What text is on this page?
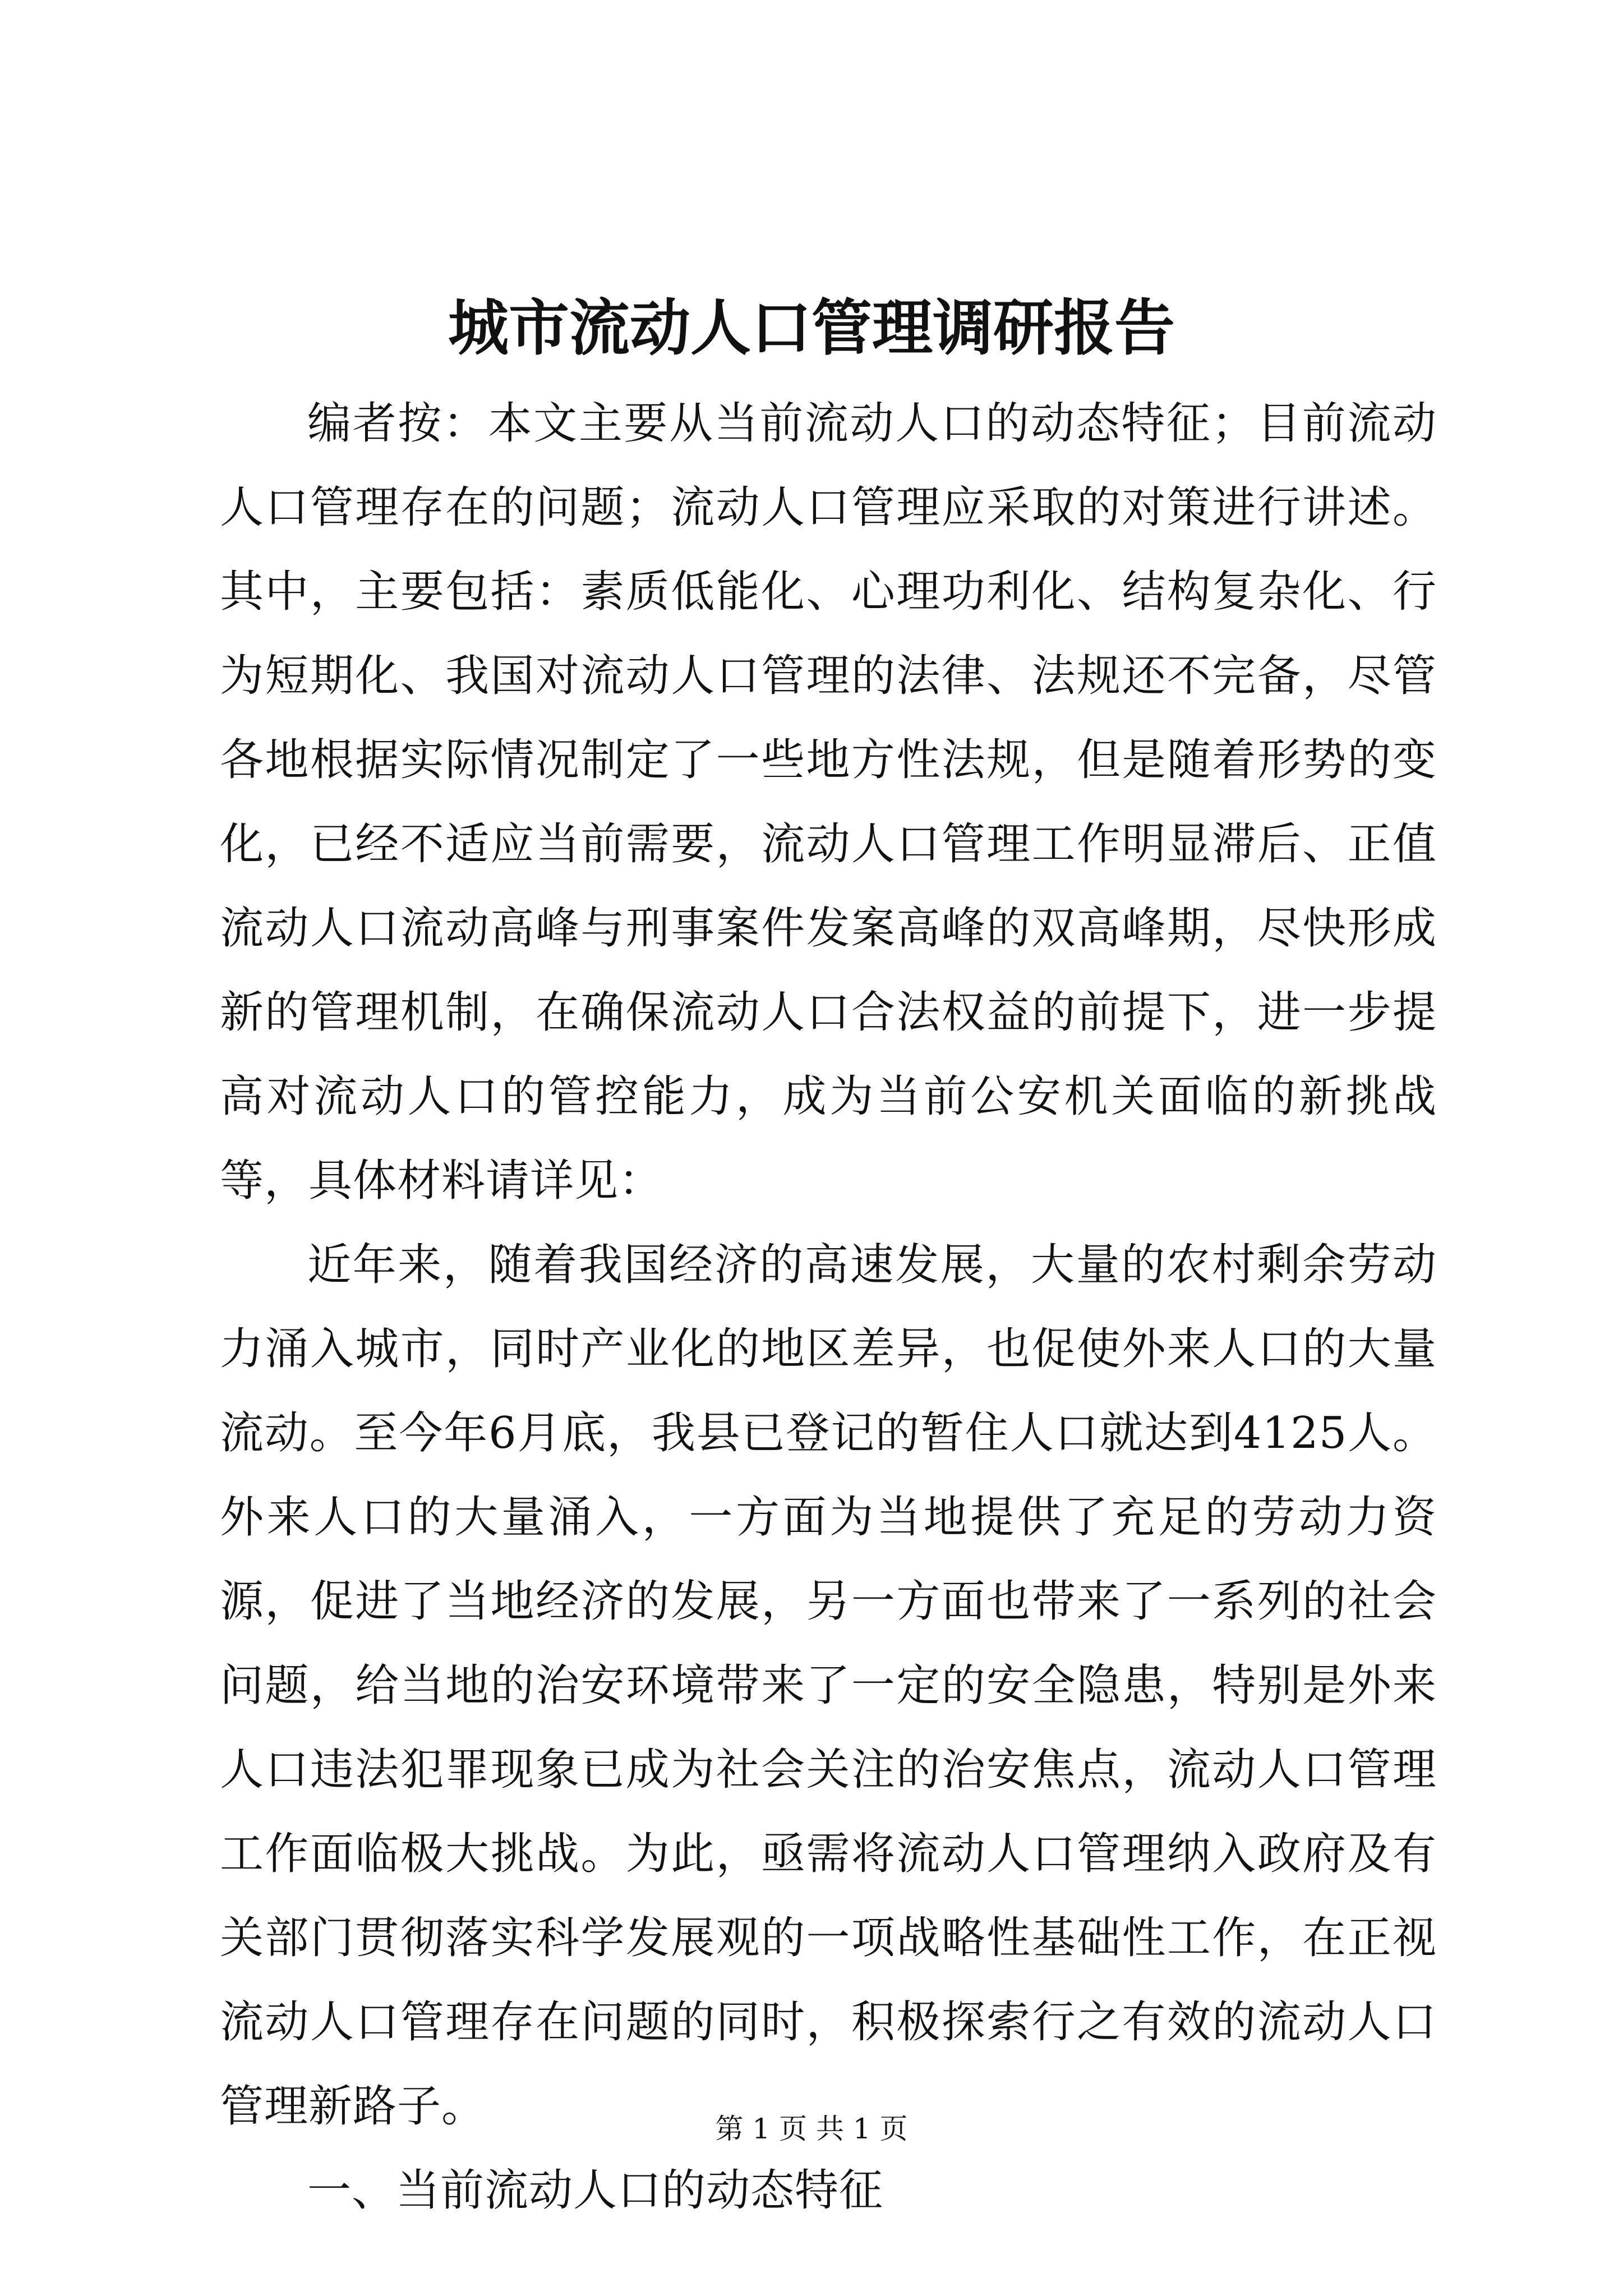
城市流动人口管理调研报告

编者按：本文主要从当前流动人口的动态特征；目前流动人口管理存在的问题；流动人口管理应采取的对策进行讲述。其中，主要包括：素质低能化、心理功利化、结构复杂化、行为短期化、我国对流动人口管理的法律、法规还不完备，尽管各地根据实际情况制定了一些地方性法规，但是随着形势的变化，已经不适应当前需要，流动人口管理工作明显滞后、正值流动人口流动高峰与刑事案件发案高峰的双高峰期，尽快形成新的管理机制，在确保流动人口合法权益的前提下，进一步提高对流动人口的管控能力，成为当前公安机关面临的新挑战等，具体材料请详见：

近年来，随着我国经济的高速发展，大量的农村剩余劳动力涌入城市，同时产业化的地区差异，也促使外来人口的大量流动。至今年6月底，我县已登记的暂住人口就达到4125人。外来人口的大量涌入，一方面为当地提供了充足的劳动力资源，促进了当地经济的发展，另一方面也带来了一系列的社会问题，给当地的治安环境带来了一定的安全隐患，特别是外来人口违法犯罪现象已成为社会关注的治安焦点，流动人口管理工作面临极大挑战。为此，亟需将流动人口管理纳入政府及有关部门贯彻落实科学发展观的一项战略性基础性工作，在正视流动人口管理存在问题的同时，积极探索行之有效的流动人口管理新路子。

一、当前流动人口的动态特征

第 1 页 共 1 页
